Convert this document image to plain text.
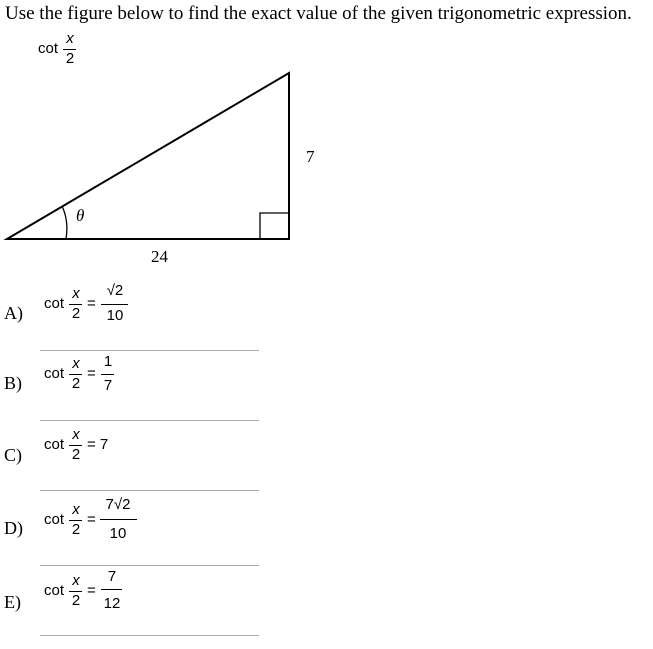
Use the figure below to find the exact value of the given trigonometric expression.
cot
x
2
θ
7
24
A) cot
x
2
=
√2
10
B) cot
x
2
=
1
7
C)
cot
x
2
= 7
D) cot
x
2
=
7√2
10
E)
cot
x
2
=
7
12
